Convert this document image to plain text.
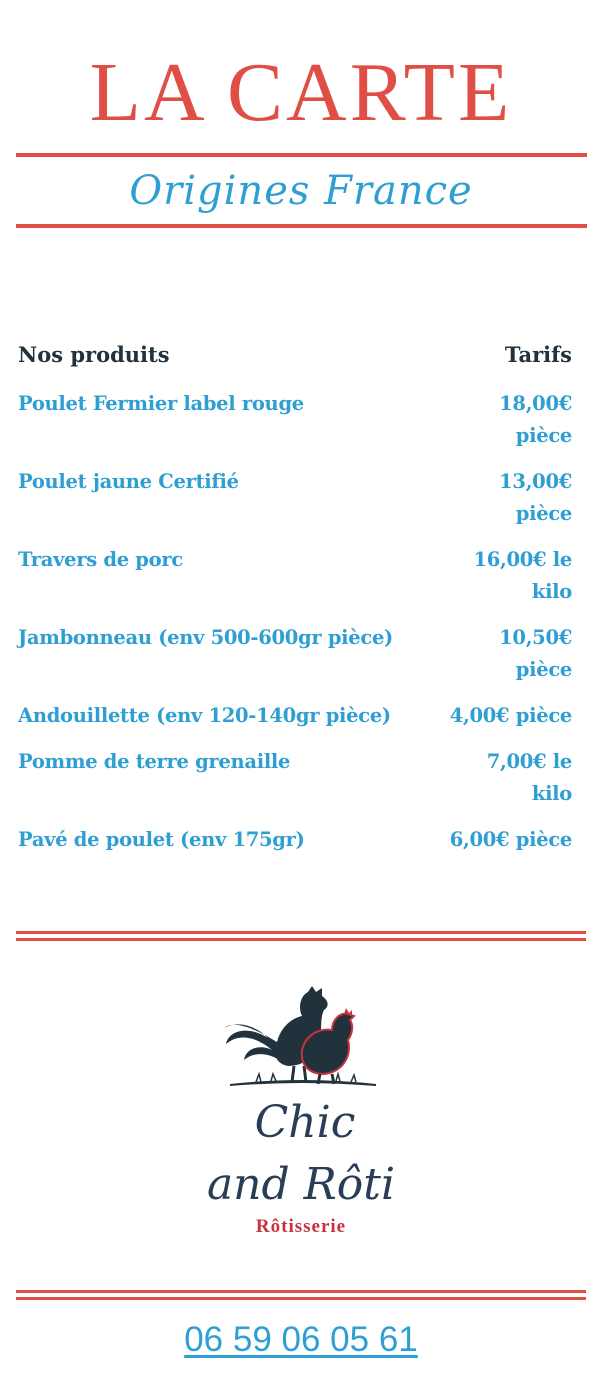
LA CARTE
Origines France
Nos produits	Tarifs
Poulet Fermier label rouge	18,00€
pièce
Poulet jaune Certifié	13,00€
pièce
Travers de porc	16,00€ le
kilo
Jambonneau (env 500-600gr pièce)	10,50€
pièce
Andouillette (env 120-140gr pièce)	4,00€ pièce
Pomme de terre grenaille	7,00€ le
kilo
Pavé de poulet (env 175gr)	6,00€ pièce
Chic
and Rôti
Rôtisserie
06 59 06 05 61
